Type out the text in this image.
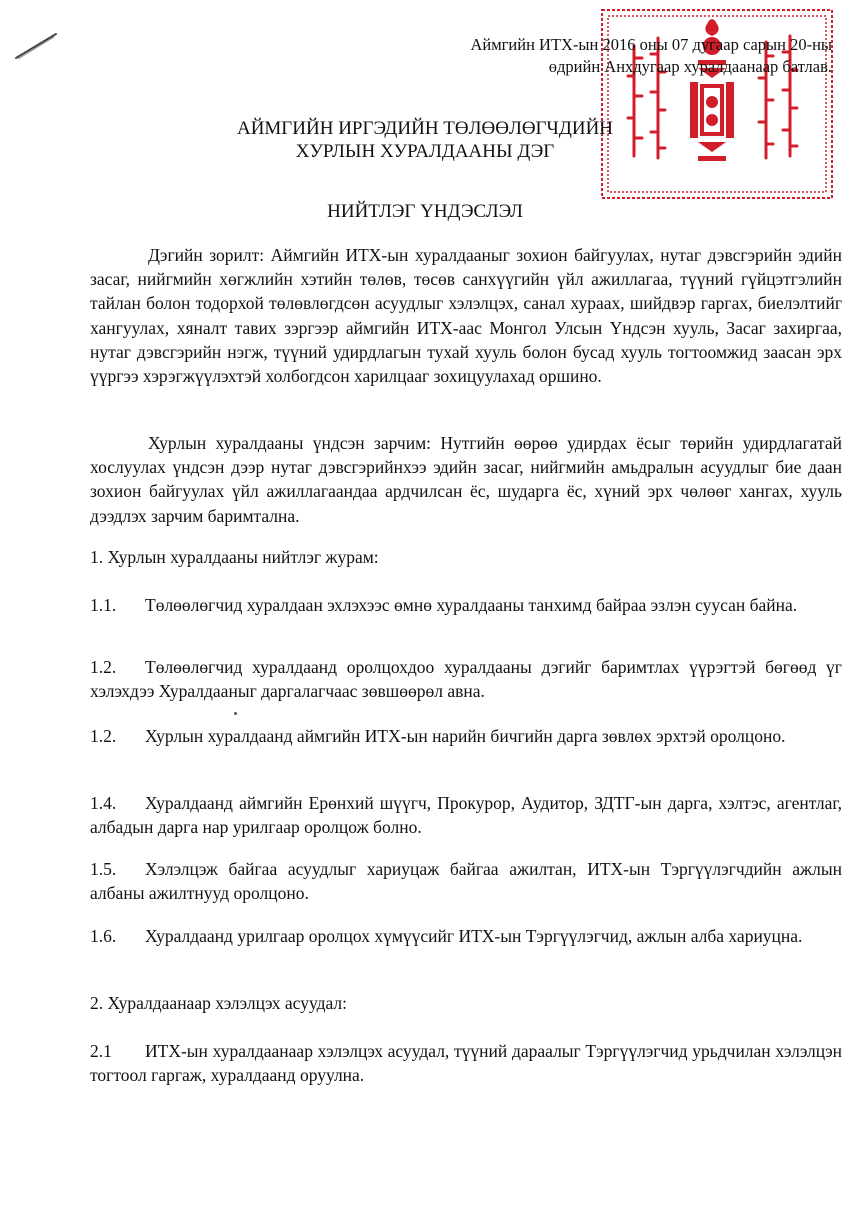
Аймгийн ИТХ-ын 2016 оны 07 дугаар сарын 20-ны
өдрийн Анхдугаар хуралдаанаар батлав.
АЙМГИЙН ИРГЭДИЙН ТӨЛӨӨЛӨГЧДИЙН
ХУРЛЫН ХУРАЛДААНЫ ДЭГ
НИЙТЛЭГ ҮНДЭСЛЭЛ
Дэгийн зорилт: Аймгийн ИТХ-ын хуралдааныг зохион байгуулах, нутаг дэвсгэрийн эдийн засаг, нийгмийн хөгжлийн хэтийн төлөв, төсөв санхүүгийн үйл ажиллагаа, түүний гүйцэтгэлийн тайлан болон тодорхой төлөвлөгдсөн асуудлыг хэлэлцэх, санал хураах, шийдвэр гаргах, биелэлтийг хангуулах, хяналт тавих зэргээр аймгийн ИТХ-аас Монгол Улсын Үндсэн хууль, Засаг захиргаа, нутаг дэвсгэрийн нэгж, түүний удирдлагын тухай хууль болон бусад хууль тогтоомжид заасан эрх үүргээ хэрэгжүүлэхтэй холбогдсон харилцааг зохицуулахад оршино.
Хурлын хуралдааны үндсэн зарчим: Нутгийн өөрөө удирдах ёсыг төрийн удирдлагатай хослуулах үндсэн дээр нутаг дэвсгэрийнхээ эдийн засаг, нийгмийн амьдралын асуудлыг бие даан зохион байгуулах үйл ажиллагаандаа ардчилсан ёс, шударга ёс, хүний эрх чөлөөг хангах, хууль дээдлэх зарчим баримтална.
1. Хурлын хуралдааны нийтлэг журам:
1.1. Төлөөлөгчид хуралдаан эхлэхээс өмнө хуралдааны танхимд байраа эзлэн суусан байна.
1.2. Төлөөлөгчид хуралдаанд оролцохдоо хуралдааны дэгийг баримтлах үүрэгтэй бөгөөд үг хэлэхдээ Хуралдааныг даргалагчаас зөвшөөрөл авна.
1.2. Хурлын хуралдаанд аймгийн ИТХ-ын нарийн бичгийн дарга зөвлөх эрхтэй оролцоно.
1.4. Хуралдаанд аймгийн Ерөнхий шүүгч, Прокурор, Аудитор, ЗДТГ-ын дарга, хэлтэс, агентлаг, албадын дарга нар урилгаар оролцож болно.
1.5. Хэлэлцэж байгаа асуудлыг хариуцаж байгаа ажилтан, ИТХ-ын Тэргүүлэгчдийн ажлын албаны ажилтнууд оролцоно.
1.6. Хуралдаанд урилгаар оролцох хүмүүсийг ИТХ-ын Тэргүүлэгчид, ажлын алба хариуцна.
2. Хуралдаанаар хэлэлцэх асуудал:
2.1 ИТХ-ын хуралдаанаар хэлэлцэх асуудал, түүний дараалыг Тэргүүлэгчид урьдчилан хэлэлцэн тогтоол гаргаж, хуралдаанд оруулна.
